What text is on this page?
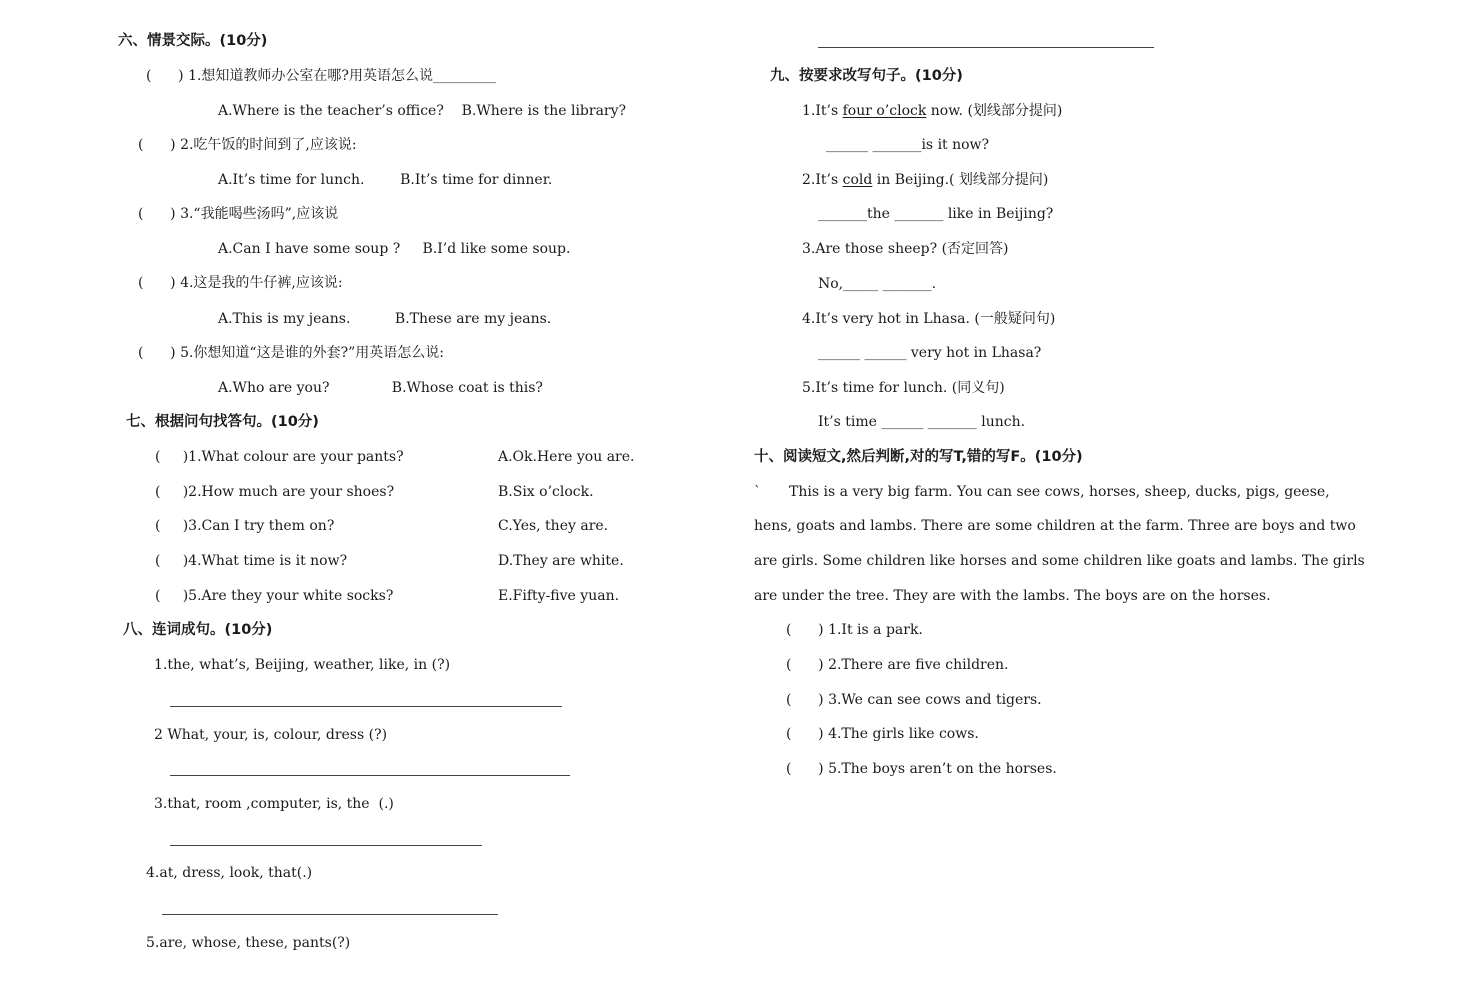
六、情景交际。(10分)
(      ) 1.想知道教师办公室在哪?用英语怎么说_________
A.Where is the teacher’s office?    B.Where is the library?
(      ) 2.吃午饭的时间到了,应该说:
A.It’s time for lunch.        B.It’s time for dinner.
(      ) 3.“我能喝些汤吗”,应该说
A.Can I have some soup ?     B.I’d like some soup.
(      ) 4.这是我的牛仔裤,应该说:
A.This is my jeans.          B.These are my jeans.
(      ) 5.你想知道“这是谁的外套?”用英语怎么说:
A.Who are you?              B.Whose coat is this?
七、根据问句找答句。(10分)
(     )1.What colour are your pants?	A.Ok.Here you are.
(     )2.How much are your shoes?	B.Six o’clock.
(     )3.Can I try them on?	C.Yes, they are.
(     )4.What time is it now?	D.They are white.
(     )5.Are they your white socks?	E.Fifty-five yuan.
八、连词成句。(10分)
1.the, what’s, Beijing, weather, like, in (?)
2 What, your, is, colour, dress (?)
3.that, room ,computer, is, the  (.)
4.at, dress, look, that(.)
5.are, whose, these, pants(?)
九、按要求改写句子。(10分)
1.It’s four o’clock now. (划线部分提问)
______ _______is it now?
2.It’s cold in Beijing.( 划线部分提问)
_______the _______ like in Beijing?
3.Are those sheep? (否定回答)
No,_____ _______.
4.It’s very hot in Lhasa. (一般疑问句)
______ ______ very hot in Lhasa?
5.It’s time for lunch. (同义句)
It’s time ______ _______ lunch.
十、阅读短文,然后判断,对的写T,错的写F。(10分)
` This is a very big farm. You can see cows, horses, sheep, ducks, pigs, geese,
hens, goats and lambs. There are some children at the farm. Three are boys and two
are girls. Some children like horses and some children like goats and lambs. The girls
are under the tree. They are with the lambs. The boys are on the horses.
(      ) 1.It is a park.
(      ) 2.There are five children.
(      ) 3.We can see cows and tigers.
(      ) 4.The girls like cows.
(      ) 5.The boys aren’t on the horses.
